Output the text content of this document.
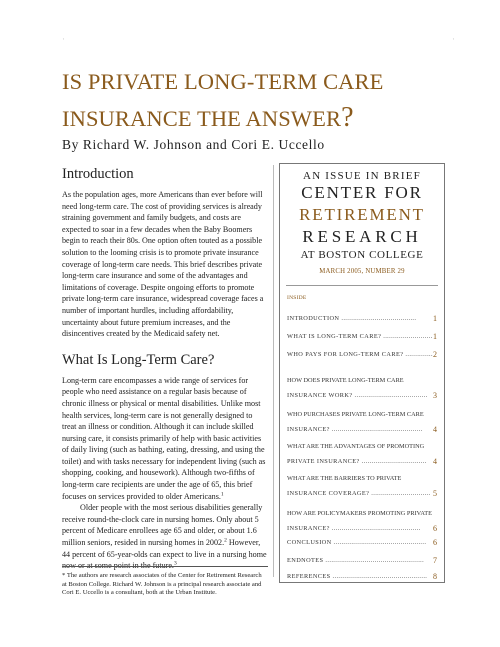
·	·
IS PRIVATE LONG-TERM CARE
INSURANCE THE ANSWER?
By Richard W. Johnson and Cori E. Uccello
Introduction

As the population ages, more Americans than ever before will need long-term care. The cost of providing services is already straining government and family budgets, and costs are expected to soar in a few decades when the Baby Boomers begin to reach their 80s. One option often touted as a possible solution to the looming crisis is to promote private insurance coverage of long-term care needs. This brief describes private long-term care insurance and some of the advantages and limitations of coverage. Despite ongoing efforts to promote private long-term care insurance, widespread coverage faces a number of important hurdles, including affordability, uncertainty about future premium increases, and the disincentives created by the Medicaid safety net.

What Is Long-Term Care?

Long-term care encompasses a wide range of services for people who need assistance on a regular basis because of chronic illness or physical or mental disabilities. Unlike most health services, long-term care is not generally designed to treat an illness or condition. Although it can include skilled nursing care, it consists primarily of help with basic activities of daily living (such as bathing, eating, dressing, and using the toilet) and with tasks necessary for independent living (such as shopping, cooking, and housework). Although two-fifths of long-term care recipients are under the age of 65, this brief focuses on services provided to older Americans.$^1$

Older people with the most serious disabilities generally receive round-the-clock care in nursing homes. Only about 5 percent of Medicare enrollees age 65 and older, or about 1.6 million seniors, resided in nursing homes in 2002.$^2$ However, 44 percent of 65-year-olds can expect to live in a nursing home now or at some point in the future.$^3$

* The authors are research associates of the Center for Retirement Research at Boston College. Richard W. Johnson is a principal research associate and Cori E. Uccello is a consultant, both at the Urban Institute.
AN ISSUE IN BRIEF
CENTER FOR
RETIREMENT
RESEARCH
AT BOSTON COLLEGE
MARCH 2005, NUMBER 29
INSIDE
INTRODUCTION ...................................... 1
WHAT IS LONG-TERM CARE? ......................... 1
WHO PAYS FOR LONG-TERM CARE? .............. 2
HOW DOES PRIVATE LONG-TERM CARE
INSURANCE WORK? ..................................... 3
WHO PURCHASES PRIVATE LONG-TERM CARE
INSURANCE? ..............................................	4
WHAT ARE THE ADVANTAGES OF PROMOTING
PRIVATE INSURANCE? ................................. 4
WHAT ARE THE BARRIERS TO PRIVATE
INSURANCE COVERAGE? .............................. 5
HOW ARE POLICYMAKERS PROMOTING PRIVATE
INSURANCE? .............................................	6
CONCLUSION ............................................... 6
ENDNOTES .................................................. 7
REFERENCES ................................................ 8
